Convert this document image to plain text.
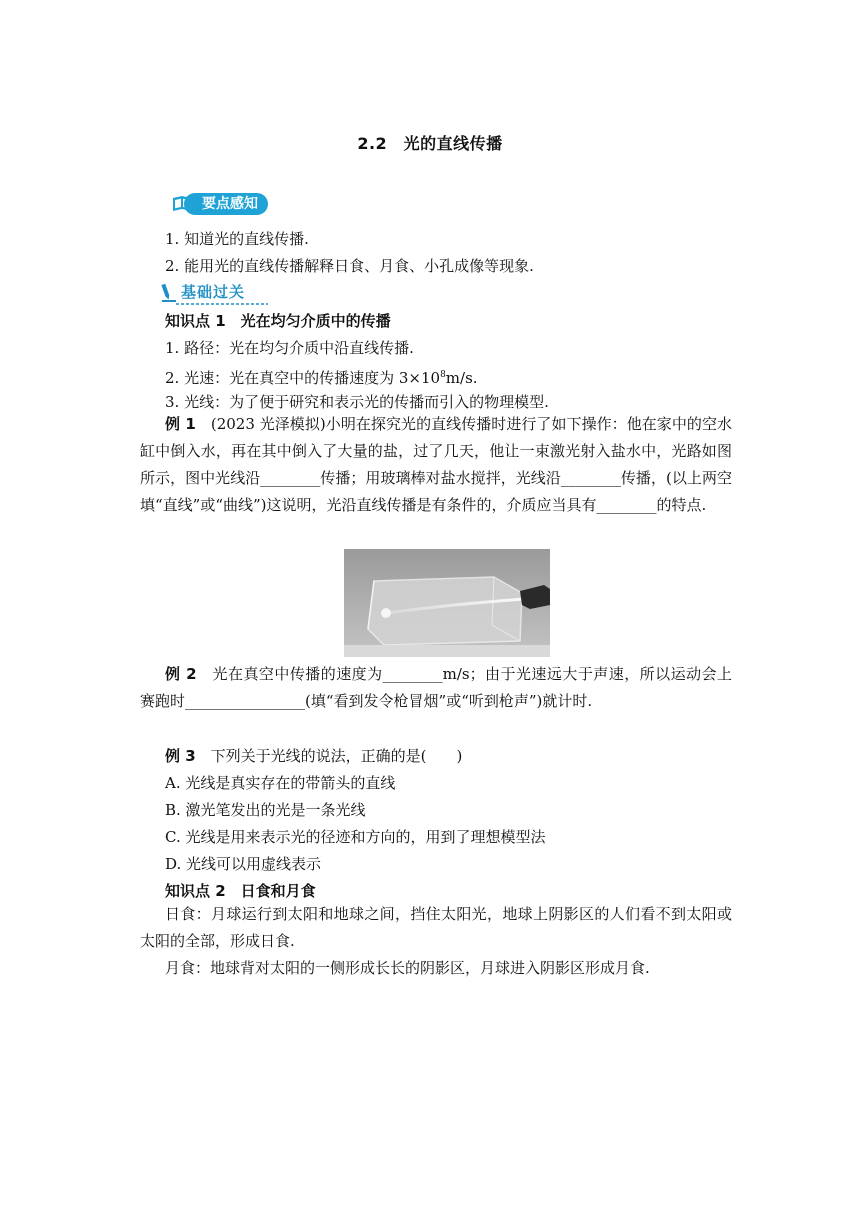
2.2　光的直线传播
要点感知
1. 知道光的直线传播.
2. 能用光的直线传播解释日食、月食、小孔成像等现象.
基础过关
知识点 1　光在均匀介质中的传播
1. 路径：光在均匀介质中沿直线传播.
2. 光速：光在真空中的传播速度为 $3\times 10^8m/s$.
3. 光线：为了便于研究和表示光的传播而引入的物理模型.

例 1　(2023 光泽模拟)小明在探究光的直线传播时进行了如下操作：他在家中的空水缸中倒入水，再在其中倒入了大量的盐，过了几天，他让一束激光射入盐水中，光路如图所示，图中光线沿________传播；用玻璃棒对盐水搅拌，光线沿________传播，(以上两空填“直线”或“曲线”)这说明，光沿直线传播是有条件的，介质应当具有________的特点.

例 2　光在真空中传播的速度为________m/s；由于光速远大于声速，所以运动会上赛跑时________________(填“看到发令枪冒烟”或“听到枪声”)就计时.

例 3　下列关于光线的说法，正确的是(　　)
A. 光线是真实存在的带箭头的直线
B. 激光笔发出的光是一条光线
C. 光线是用来表示光的径迹和方向的，用到了理想模型法
D. 光线可以用虚线表示
知识点 2　日食和月食

日食：月球运行到太阳和地球之间，挡住太阳光，地球上阴影区的人们看不到太阳或太阳的全部，形成日食.

月食：地球背对太阳的一侧形成长长的阴影区，月球进入阴影区形成月食.
